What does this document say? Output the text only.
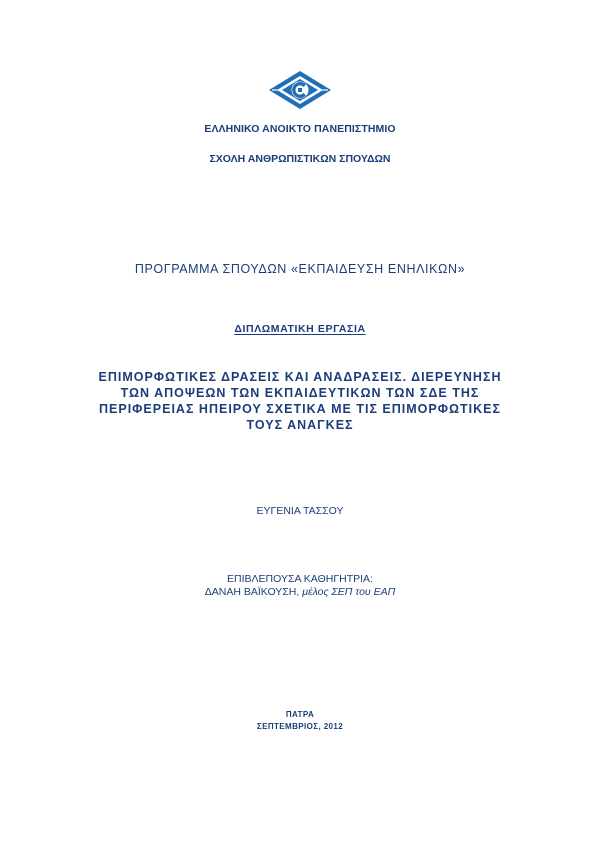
ΕΛΛΗΝΙΚΟ ΑΝΟΙΚΤΟ ΠΑΝΕΠΙΣΤΗΜΙΟ
ΣΧΟΛΗ ΑΝΘΡΩΠΙΣΤΙΚΩΝ ΣΠΟΥΔΩΝ
ΠΡΟΓΡΑΜΜΑ ΣΠΟΥΔΩΝ «ΕΚΠΑΙΔΕΥΣΗ ΕΝΗΛΙΚΩΝ»
ΔΙΠΛΩΜΑΤΙΚΗ ΕΡΓΑΣΙΑ
ΕΠΙΜΟΡΦΩΤΙΚΕΣ ΔΡΑΣΕΙΣ ΚΑΙ ΑΝΑΔΡΑΣΕΙΣ. ΔΙΕΡΕΥΝΗΣΗ
ΤΩΝ ΑΠΟΨΕΩΝ ΤΩΝ ΕΚΠΑΙΔΕΥΤΙΚΩΝ ΤΩΝ ΣΔΕ ΤΗΣ
ΠΕΡΙΦΕΡΕΙΑΣ ΗΠΕΙΡΟΥ ΣΧΕΤΙΚΑ ΜΕ ΤΙΣ ΕΠΙΜΟΡΦΩΤΙΚΕΣ
ΤΟΥΣ ΑΝΑΓΚΕΣ
ΕΥΓΕΝΙΑ ΤΑΣΣΟΥ
ΕΠΙΒΛΕΠΟΥΣΑ ΚΑΘΗΓΗΤΡΙΑ:
ΔΑΝΑΗ ΒΑΪΚΟΥΣΗ, μέλος ΣΕΠ του ΕΑΠ
ΠΑΤΡΑ
ΣΕΠΤΕΜΒΡΙΟΣ, 2012
